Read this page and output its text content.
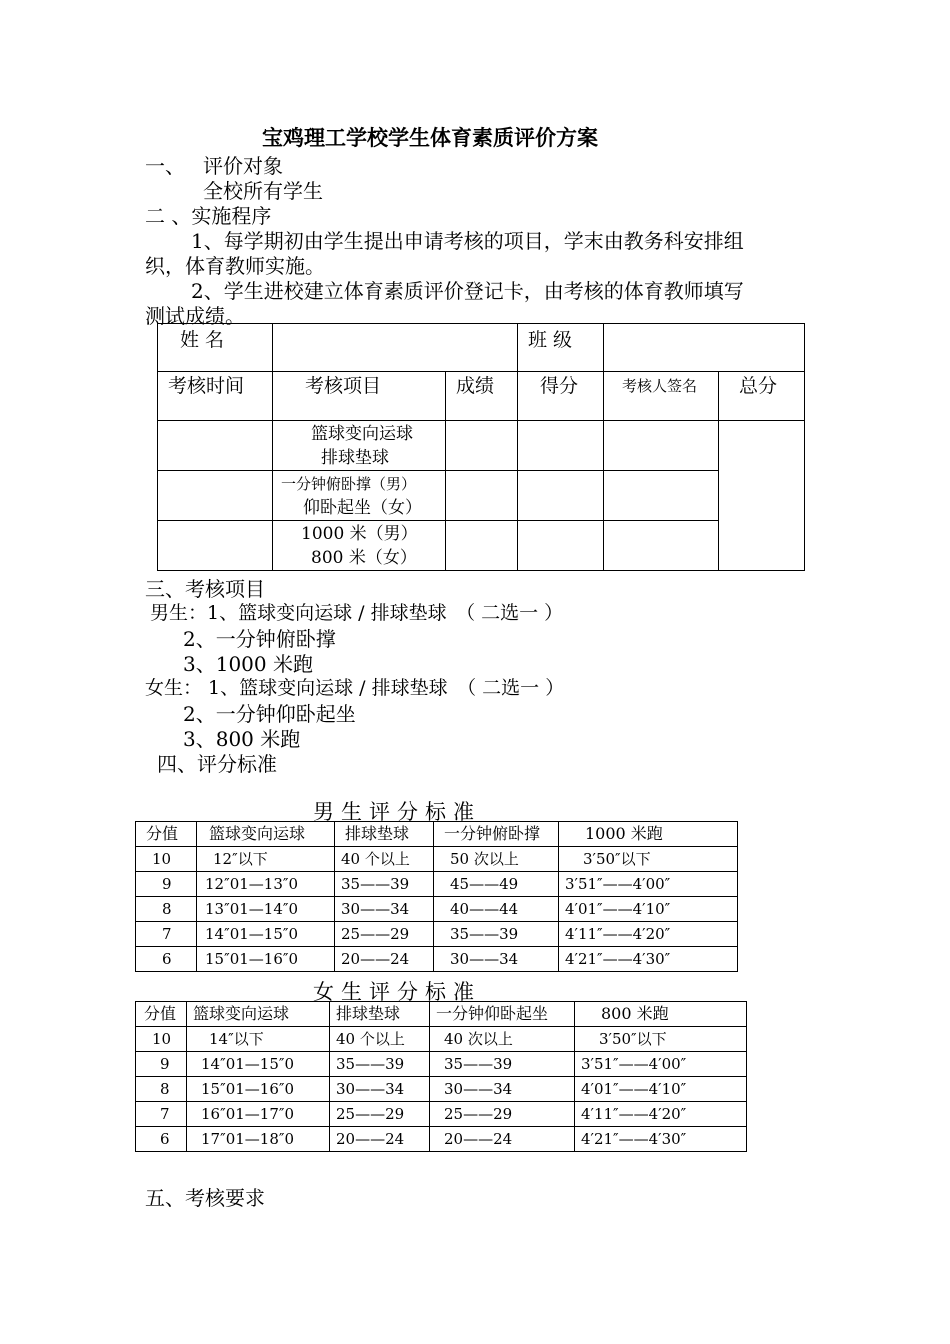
宝鸡理工学校学生体育素质评价方案
一、 评价对象
全校所有学生
二 、实施程序
1、每学期初由学生提出申请考核的项目，学末由教务科安排组
织，体育教师实施。
2、学生进校建立体育素质评价登记卡，由考核的体育教师填写
测试成绩。
姓 名			班 级		
考核时间	考核项目	成绩	得分	考核人签名	总分

	篮球变向运球
排球垫球				

	一分钟俯卧撑（男）
仰卧起坐（女）				

	1000 米（男）
800 米（女）				

三、考核项目
男生：1、篮球变向运球 / 排球垫球　（ 二选一 ）
2、一分钟俯卧撑
3、1000 米跑
女生： 1、篮球变向运球 / 排球垫球　（ 二选一 ）
2、一分钟仰卧起坐
3、800 米跑
四、评分标准
男生评分标准
分值	篮球变向运球	排球垫球	一分钟俯卧撑	1000 米跑
10	12″以下	40 个以上	50 次以上	3′50″以下
9	12″01—13″0	35——39	45——49	3′51″——4′00″
8	13″01—14″0	30——34	40——44	4′01″——4′10″
7	14″01—15″0	25——29	35——39	4′11″——4′20″
6	15″01—16″0	20——24	30——34	4′21″——4′30″
女生评分标准
分值	篮球变向运球	排球垫球	一分钟仰卧起坐	800 米跑
10	14″以下	40 个以上	40 次以上	3′50″以下
9	14″01—15″0	35——39	35——39	3′51″——4′00″
8	15″01—16″0	30——34	30——34	4′01″——4′10″
7	16″01—17″0	25——29	25——29	4′11″——4′20″
6	17″01—18″0	20——24	20——24	4′21″——4′30″
五、考核要求
